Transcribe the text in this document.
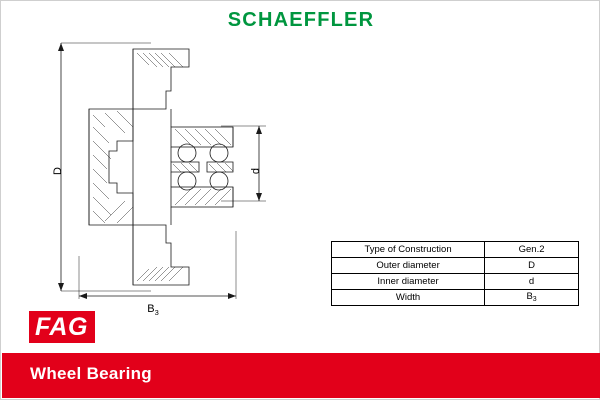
SCHAEFFLER
D	d
$B_3$
Type of Construction	Gen.2
Outer diameter	D
Inner diameter	d
Width	$B_3$
FAG
Wheel Bearing
